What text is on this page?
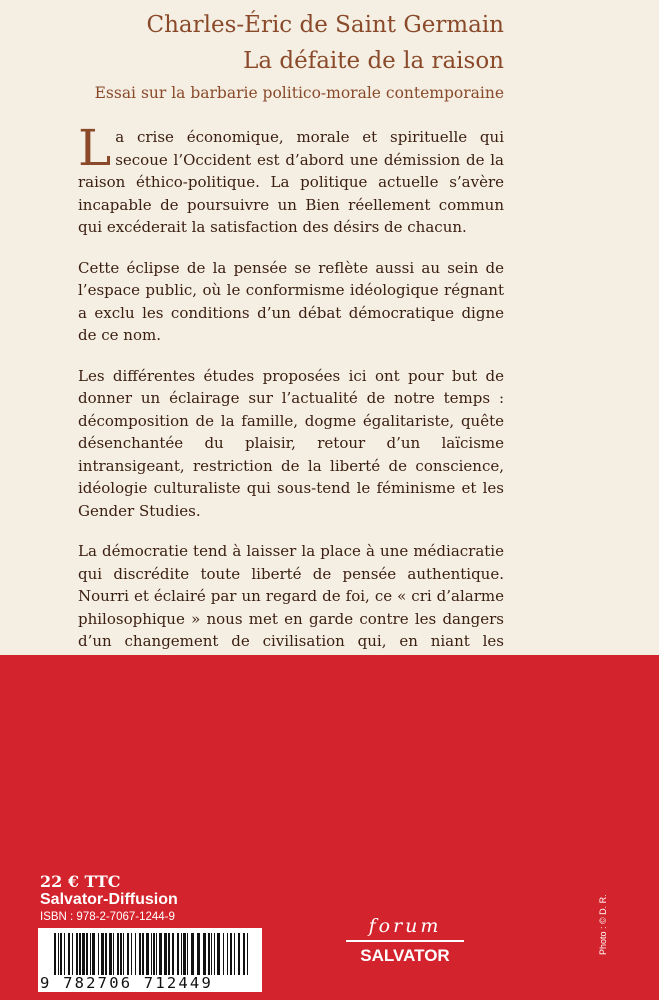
Charles-Éric de Saint Germain
La défaite de la raison
Essai sur la barbarie politico-morale contemporaine

La crise économique, morale et spirituelle qui secoue l’Occident est d’abord une démission de la raison éthico-politique. La politique actuelle s’avère incapable de poursuivre un Bien réellement commun qui excéderait la satisfaction des désirs de chacun.

Cette éclipse de la pensée se reflète aussi au sein de l’espace public, où le conformisme idéologique régnant a exclu les conditions d’un débat démocratique digne de ce nom.

Les différentes études proposées ici ont pour but de donner un éclairage sur l’actualité de notre temps : décomposition de la famille, dogme égalitariste, quête désenchantée du plaisir, retour d’un laïcisme intransigeant, restriction de la liberté de conscience, idéologie culturaliste qui sous-tend le féminisme et les Gender Studies.

La démocratie tend à laisser la place à une médiacratie qui discrédite toute liberté de pensée authentique. Nourri et éclairé par un regard de foi, ce « cri d’alarme philosophique » nous met en garde contre les dangers d’un changement de civilisation qui, en niant les

22 € TTC
Salvator-Diffusion
ISBN : 978-2-7067-1244-9
9 782706 712449
forum
SALVATOR	Photo : © D. R.
